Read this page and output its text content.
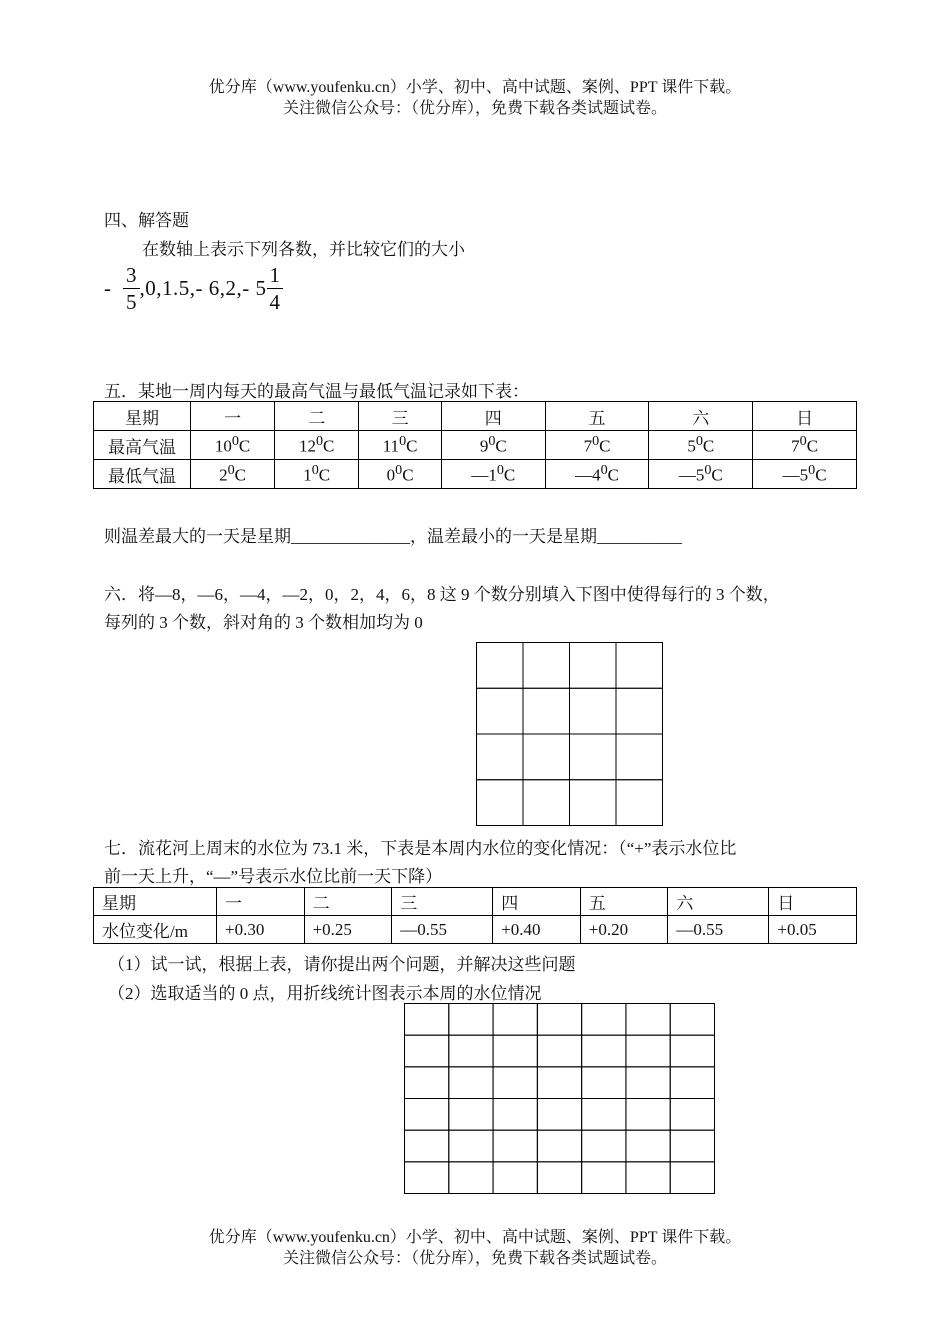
优分库（www.youfenku.cn）小学、初中、高中试题、案例、PPT 课件下载。
关注微信公众号：（优分库），免费下载各类试题试卷。
四、解答题
在数轴上表示下列各数，并比较它们的大小
- $\frac{3}{5} ,0,1.5,-$ 6,2,- $5 \frac{1}{4}$
五．某地一周内每天的最高气温与最低气温记录如下表：
星期	一	二	三	四	五	六	日
最高气温	$10^0C$	$12^0C$	$11^0C$	$9^0C$	$7^0C$	$5^0C$	$7^0C$
最低气温	$2^0C$	$1^0C$	$0^0C$	$—1^0C$	$—4^0C$	$—5^0C$	$—5^0C$
则温差最大的一天是星期______________，温差最小的一天是星期__________
六．将—8，—6，—4，—2，0，2，4，6，8 这 9 个数分别填入下图中使得每行的 3 个数，
每列的 3 个数，斜对角的 3 个数相加均为 0
七．流花河上周末的水位为 73.1 米，下表是本周内水位的变化情况：（“+”表示水位比
前一天上升，“—”号表示水位比前一天下降）
星期	一	二	三	四	五	六	日
水位变化/m	+0.30	+0.25	—0.55	+0.40	+0.20	—0.55	+0.05
（1）试一试，根据上表，请你提出两个问题，并解决这些问题
（2）选取适当的 0 点，用折线统计图表示本周的水位情况
优分库（www.youfenku.cn）小学、初中、高中试题、案例、PPT 课件下载。
关注微信公众号：（优分库），免费下载各类试题试卷。
